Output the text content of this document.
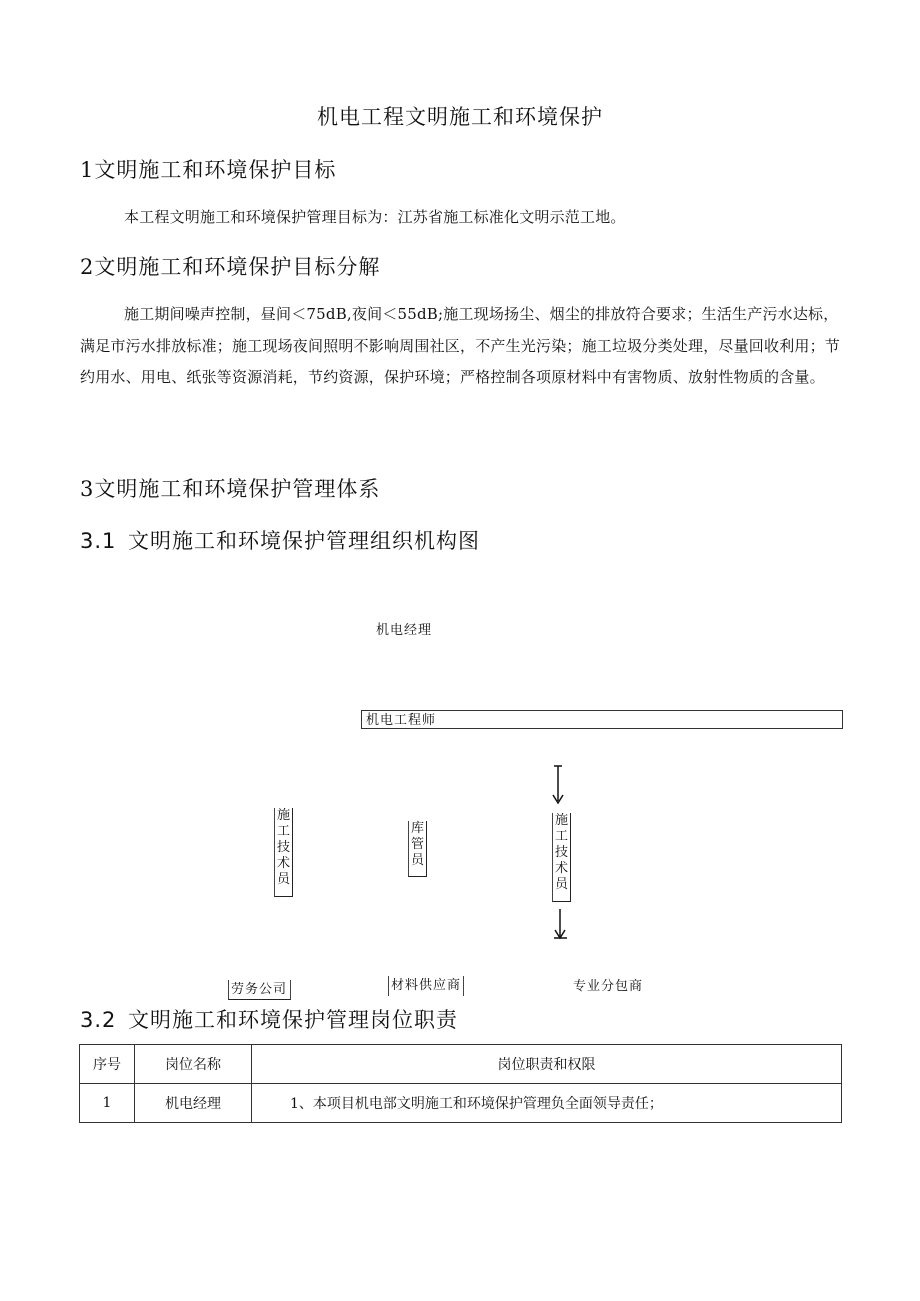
机电工程文明施工和环境保护
1文明施工和环境保护目标
本工程文明施工和环境保护管理目标为：江苏省施工标准化文明示范工地。
2文明施工和环境保护目标分解
施工期间噪声控制，昼间＜75dB,夜间＜55dB;施工现场扬尘、烟尘的排放符合要求；生活生产污水达标，满足市污水排放标准；施工现场夜间照明不影响周围社区，不产生光污染；施工垃圾分类处理，尽量回收利用；节约用水、用电、纸张等资源消耗，节约资源，保护环境；严格控制各项原材料中有害物质、放射性物质的含量。
3文明施工和环境保护管理体系
3.1 文明施工和环境保护管理组织机构图
机电经理
机电工程师
施
工
技
术
员
库
管
员
施
工
技
术
员
劳务公司	材料供应商	专业分包商
3.2 文明施工和环境保护管理岗位职责
序号	岗位名称	岗位职责和权限
1	机电经理	1、本项目机电部文明施工和环境保护管理负全面领导责任；
